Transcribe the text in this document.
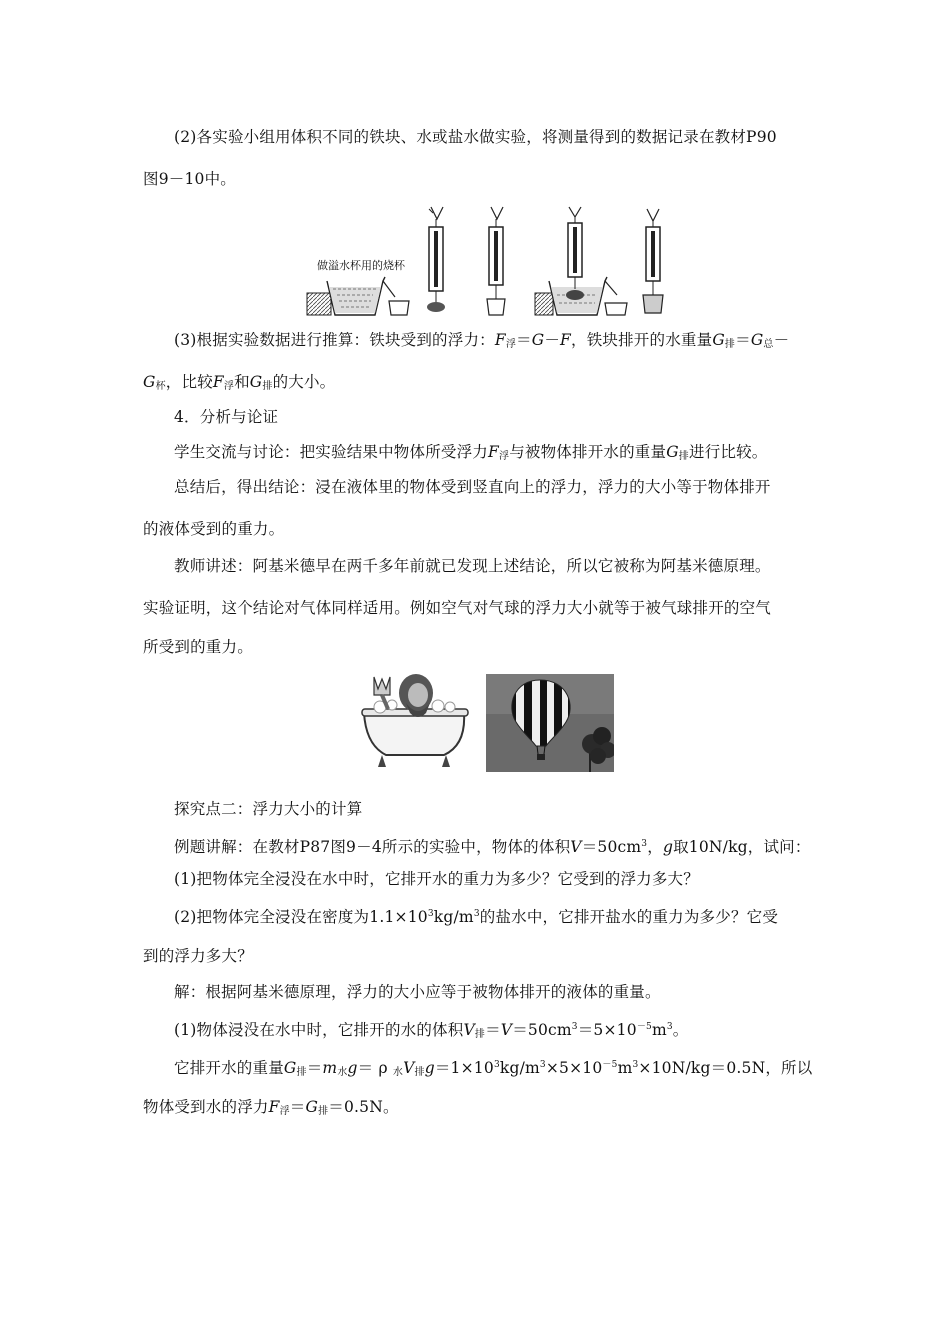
(2)各实验小组用体积不同的铁块、水或盐水做实验，将测量得到的数据记录在教材P90
图9－10中。
做溢水杯用的烧杯
(3)根据实验数据进行推算：铁块受到的浮力：$F_浮=G-F$，铁块排开的水重量$G_排=G_总-$
$G_杯$，比较$F_浮$和$G_排$的大小。
4．分析与论证
学生交流与讨论：把实验结果中物体所受浮力$F_浮$与被物体排开水的重量$G_排$进行比较。
总结后，得出结论：浸在液体里的物体受到竖直向上的浮力，浮力的大小等于物体排开
的液体受到的重力。
教师讲述：阿基米德早在两千多年前就已发现上述结论，所以它被称为阿基米德原理。
实验证明，这个结论对气体同样适用。例如空气对气球的浮力大小就等于被气球排开的空气
所受到的重力。
探究点二：浮力大小的计算
例题讲解：在教材P87图9－4所示的实验中，物体的体积$V=50cm^3$，g取10N/kg，试问：
(1)把物体完全浸没在水中时，它排开水的重力为多少？它受到的浮力多大？
(2)把物体完全浸没在密度为$1.1\times 10^3kg/m^3$的盐水中，它排开盐水的重力为多少？它受
到的浮力多大？
解：根据阿基米德原理，浮力的大小应等于被物体排开的液体的重量。
(1)物体浸没在水中时，它排开的水的体积$V_排=V=50cm^3=5\times 10^{-5}m^3$。
它排开水的重量$G_排=m_水g= \rho$ $_水V_排g=1\times 10^3kg/m^3\times 5\times 10^{-5}m^3\times 10N/kg=0.5N$，所以
物体受到水的浮力$F_浮=G_排=0.5N$。
